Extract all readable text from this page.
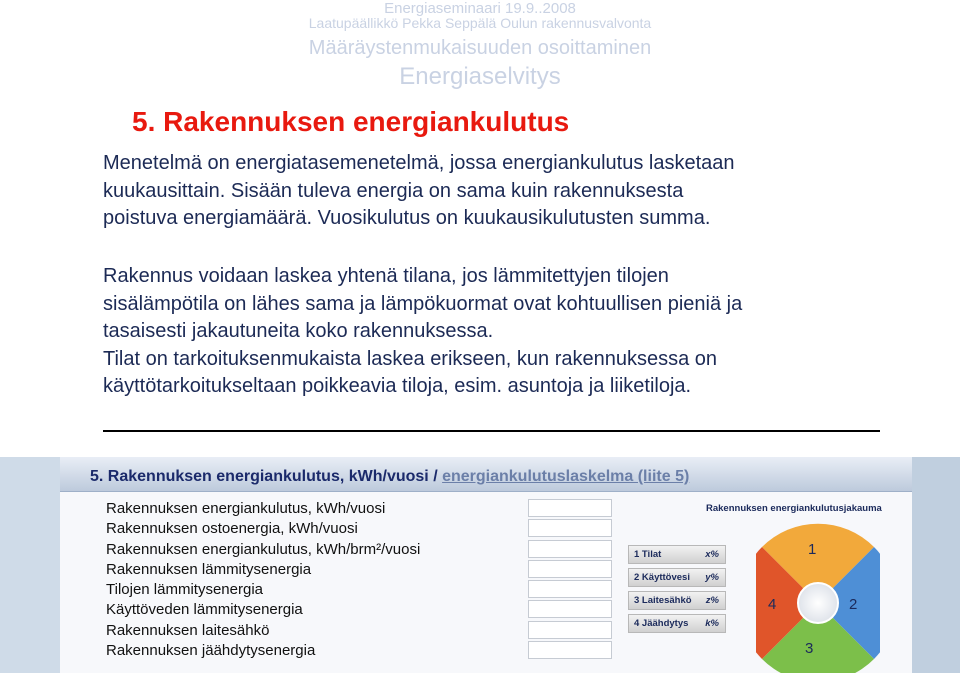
Energiaseminaari 19.9..2008
Laatupäällikkö Pekka Seppälä Oulun rakennusvalvonta
Määräystenmukaisuuden osoittaminen
Energiaselvitys
5. Rakennuksen energiankulutus
Menetelmä on energiatasemenetelmä, jossa energiankulutus lasketaan
kuukausittain. Sisään tuleva energia on sama kuin rakennuksesta
poistuva energiamäärä. Vuosikulutus on kuukausikulutusten summa.
Rakennus voidaan laskea yhtenä tilana, jos lämmitettyjen tilojen
sisälämpötila on lähes sama ja lämpökuormat ovat kohtuullisen pieniä ja
tasaisesti jakautuneita koko rakennuksessa.
Tilat on tarkoituksenmukaista laskea erikseen, kun rakennuksessa on
käyttötarkoitukseltaan poikkeavia tiloja, esim. asuntoja ja liiketiloja.
5. Rakennuksen energiankulutus, kWh/vuosi / energiankulutuslaskelma (liite 5)
Rakennuksen energiankulutus, kWh/vuosi
Rakennuksen ostoenergia, kWh/vuosi
Rakennuksen energiankulutus, kWh/brm²/vuosi
Rakennuksen lämmitysenergia
Tilojen lämmitysenergia
Käyttöveden lämmitysenergia
Rakennuksen laitesähkö
Rakennuksen jäähdytysenergia
Rakennuksen energiankulutusjakauma
1 Tilat	x%
2 Käyttövesi y%
3 Laitesähkö z%
4 Jäähdytys k%
1
2
3
4
